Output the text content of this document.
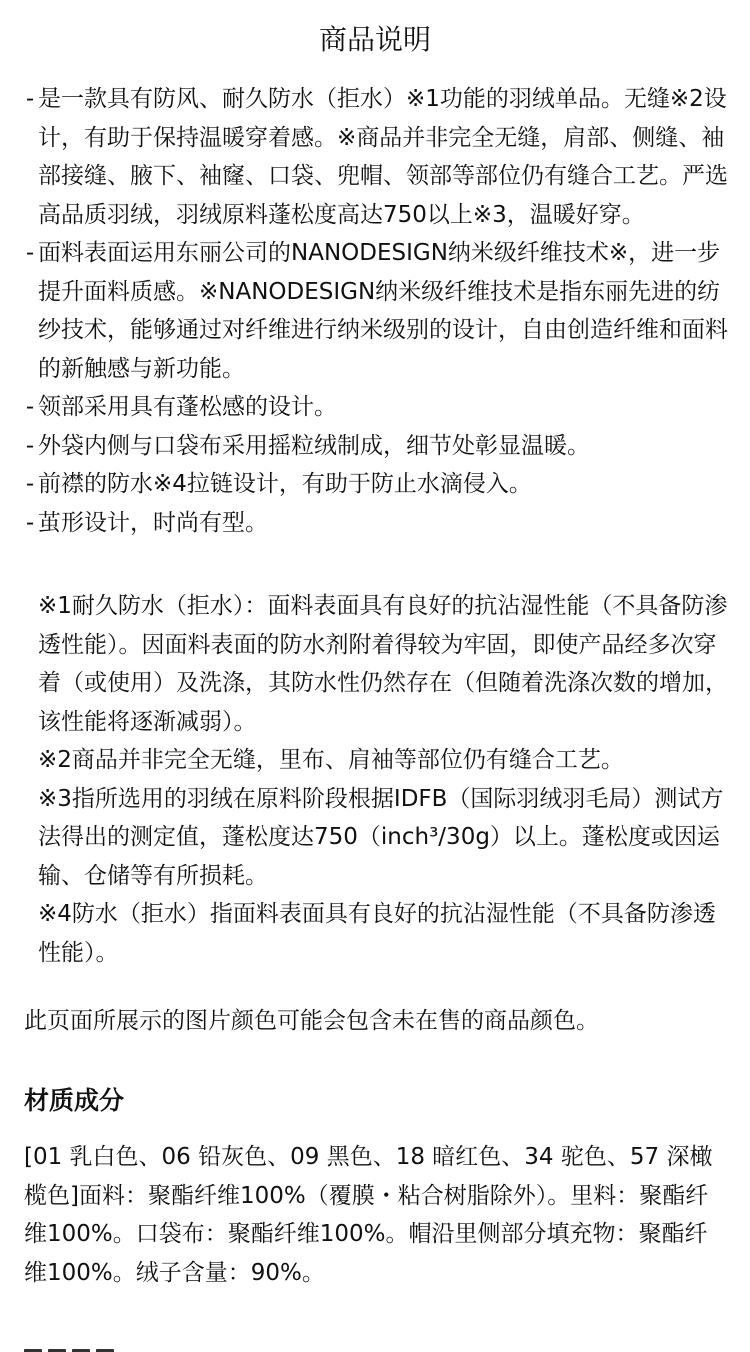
商品说明
- 是一款具有防风、耐久防水（拒水）※1功能的羽绒单品。无缝※2设计，有助于保持温暖穿着感。※商品并非完全无缝，肩部、侧缝、袖部接缝、腋下、袖窿、口袋、兜帽、领部等部位仍有缝合工艺。严选高品质羽绒，羽绒原料蓬松度高达750以上※3，温暖好穿。
- 面料表面运用东丽公司的NANODESIGN纳米级纤维技术※，进一步提升面料质感。※NANODESIGN纳米级纤维技术是指东丽先进的纺纱技术，能够通过对纤维进行纳米级别的设计，自由创造纤维和面料的新触感与新功能。
- 领部采用具有蓬松感的设计。
- 外袋内侧与口袋布采用摇粒绒制成，细节处彰显温暖。
- 前襟的防水※4拉链设计，有助于防止水滴侵入。
- 茧形设计，时尚有型。
※1耐久防水（拒水）：面料表面具有良好的抗沾湿性能（不具备防渗透性能）。因面料表面的防水剂附着得较为牢固，即使产品经多次穿着（或使用）及洗涤，其防水性仍然存在（但随着洗涤次数的增加，该性能将逐渐减弱）。
※2商品并非完全无缝，里布、肩袖等部位仍有缝合工艺。
※3指所选用的羽绒在原料阶段根据IDFB（国际羽绒羽毛局）测试方法得出的测定值，蓬松度达750（inch³/30g）以上。蓬松度或因运输、仓储等有所损耗。
※4防水（拒水）指面料表面具有良好的抗沾湿性能（不具备防渗透性能）。

此页面所展示的图片颜色可能会包含未在售的商品颜色。

材质成分

[01 乳白色、06 铅灰色、09 黑色、18 暗红色、34 驼色、57 深橄榄色]面料：聚酯纤维100%（覆膜・粘合树脂除外）。里料：聚酯纤维100%。口袋布：聚酯纤维100%。帽沿里侧部分填充物：聚酯纤维100%。绒子含量：90%。
